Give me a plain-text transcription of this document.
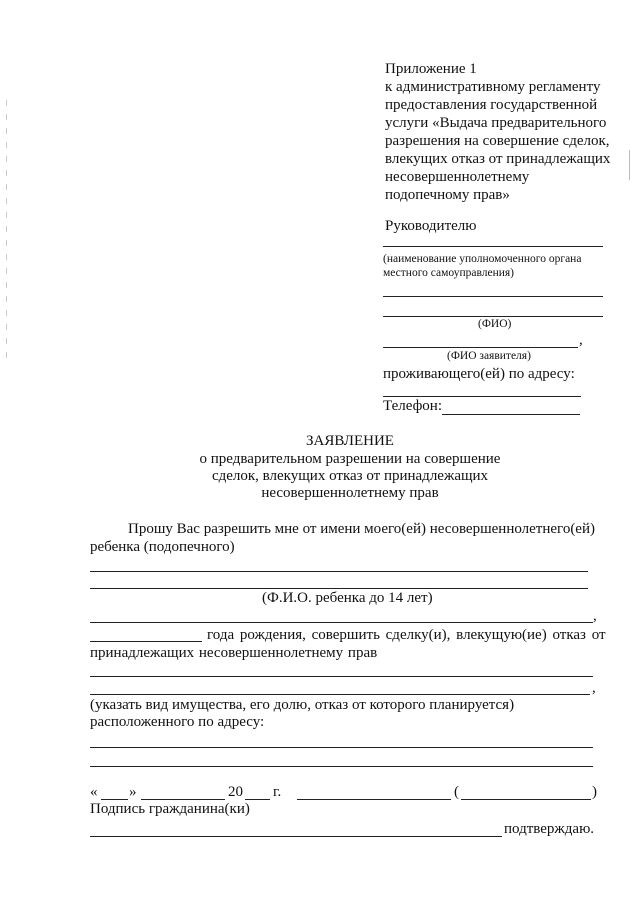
Приложение 1
к административному регламенту
предоставления государственной
услуги «Выдача предварительного
разрешения на совершение сделок,
влекущих отказ от принадлежащих
несовершеннолетнему
подопечному прав»
Руководителю
(наименование уполномоченного органа
местного самоуправления)
(ФИО)
,
(ФИО заявителя)
проживающего(ей) по адресу:
Телефон:
ЗАЯВЛЕНИЕ
о предварительном разрешении на совершение
сделок, влекущих отказ от принадлежащих
несовершеннолетнему прав
Прошу Вас разрешить мне от имени моего(ей) несовершеннолетнего(ей)
ребенка (подопечного)
(Ф.И.О. ребенка до 14 лет)
,
года рождения, совершить сделку(и), влекущую(ие) отказ от
принадлежащих несовершеннолетнему прав
,
(указать вид имущества, его долю, отказ от которого планируется)
расположенного по адресу:
« »	20 г.	(	)
Подпись гражданина(ки)
подтверждаю.
